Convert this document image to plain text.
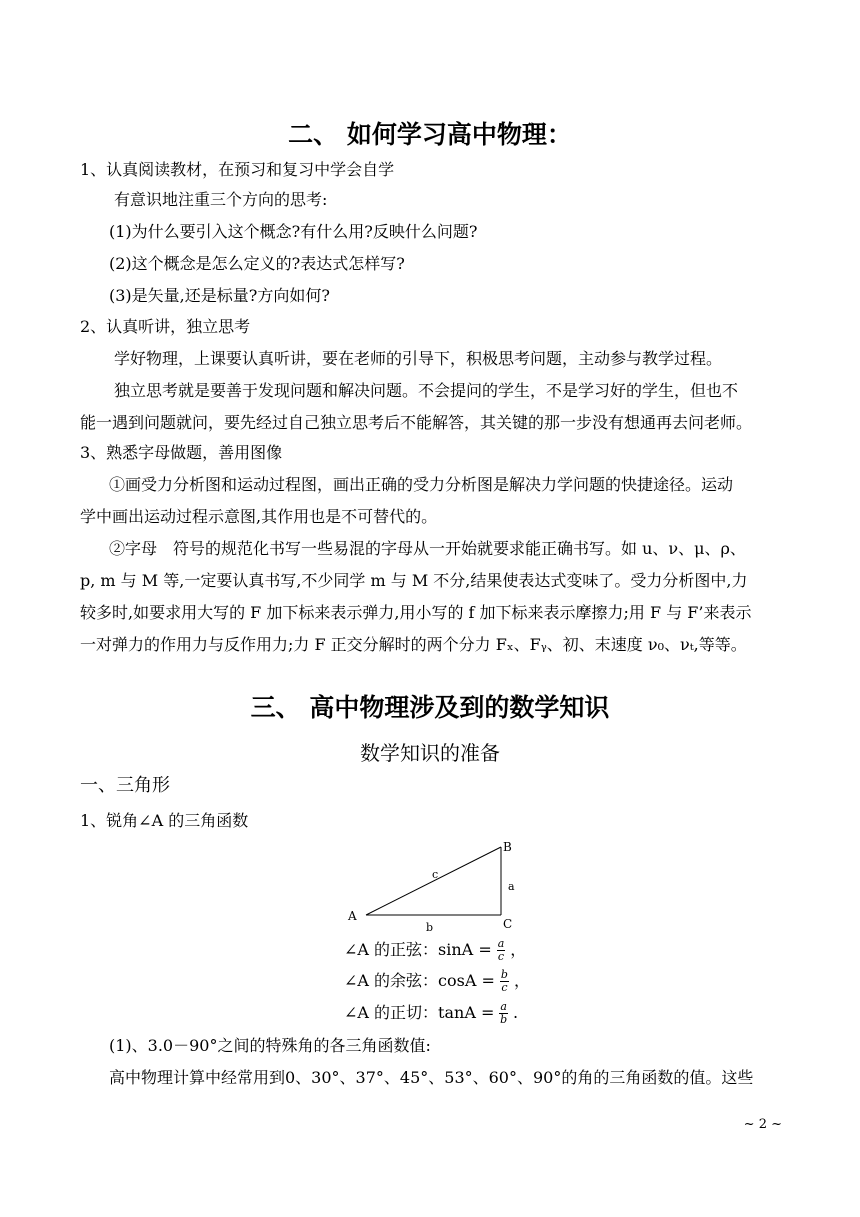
二、 如何学习高中物理：
1、认真阅读教材，在预习和复习中学会自学
有意识地注重三个方向的思考:
(1)为什么要引入这个概念?有什么用?反映什么问题?
(2)这个概念是怎么定义的?表达式怎样写?
(3)是矢量,还是标量?方向如何?
2、认真听讲，独立思考
学好物理，上课要认真听讲，要在老师的引导下，积极思考问题，主动参与教学过程。
独立思考就是要善于发现问题和解决问题。不会提问的学生，不是学习好的学生，但也不
能一遇到问题就问，要先经过自己独立思考后不能解答，其关键的那一步没有想通再去问老师。
3、熟悉字母做题，善用图像
①画受力分析图和运动过程图，画出正确的受力分析图是解决力学问题的快捷途径。运动
学中画出运动过程示意图,其作用也是不可替代的。
②字母　符号的规范化书写一些易混的字母从一开始就要求能正确书写。如 u、ν、μ、ρ、
p, m 与 M 等,一定要认真书写,不少同学 m 与 M 不分,结果使表达式变味了。受力分析图中,力
较多时,如要求用大写的 F 加下标来表示弹力,用小写的 f 加下标来表示摩擦力;用 F 与 F’来表示
一对弹力的作用力与反作用力;力 F 正交分解时的两个分力 Fₓ、Fᵧ、初、末速度 ν₀、νₜ,等等。
三、 高中物理涉及到的数学知识
数学知识的准备
一、三角形
1、锐角∠A 的三角函数
A
B
C
a
b
c
∠A 的正弦：$\sin A = \frac{a}{c}$ ，
∠A 的余弦：$\cos A = \frac{b}{c}$ ，
∠A 的正切：$\tan A = \frac{a}{b}$ .
(1)、3.0－90°之间的特殊角的各三角函数值:
高中物理计算中经常用到0、30°、37°、45°、53°、60°、90°的角的三角函数的值。这些
~ 2 ~
